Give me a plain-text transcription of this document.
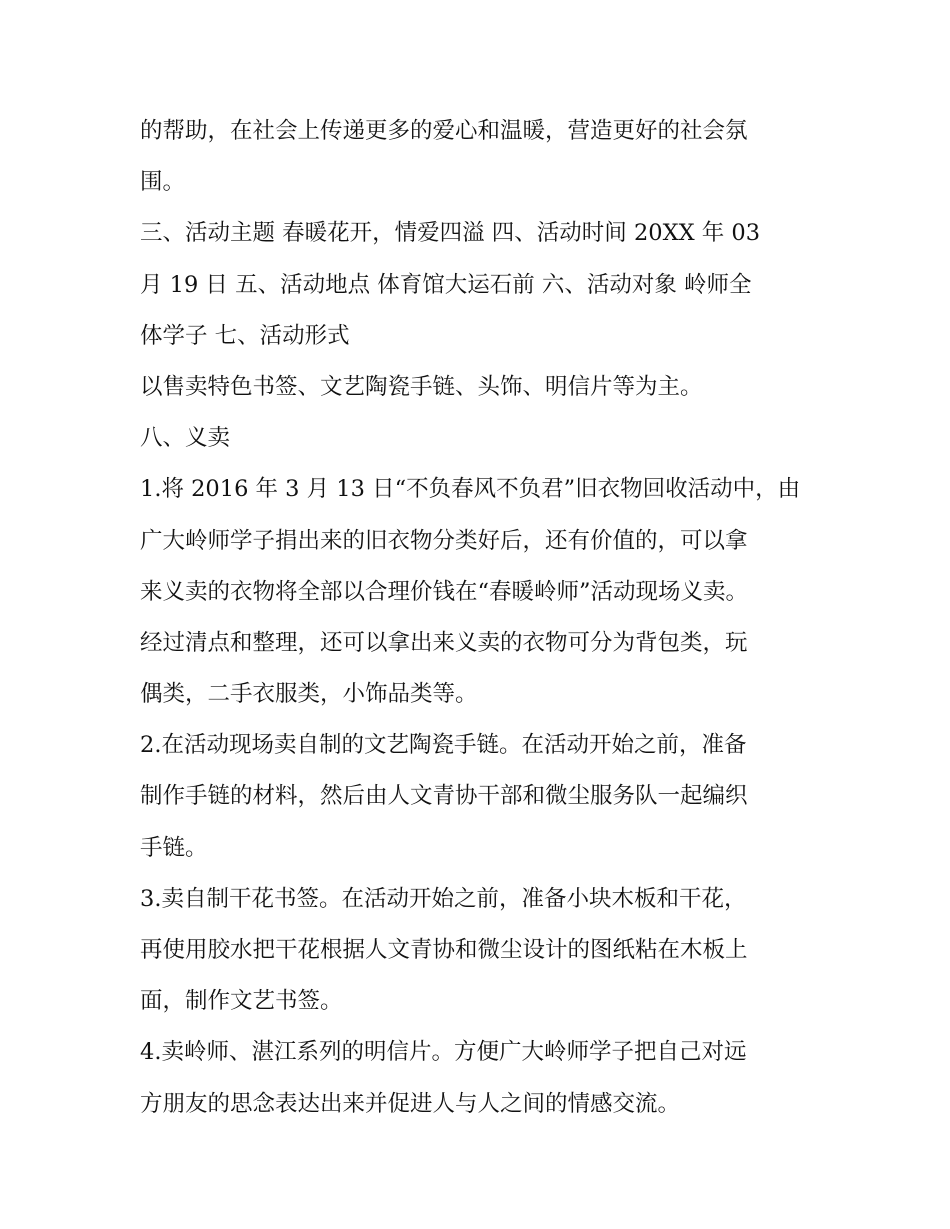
的帮助，在社会上传递更多的爱心和温暖，营造更好的社会氛
围。
三、活动主题 春暖花开，情爱四溢 四、活动时间 20XX 年 03
月 19 日 五、活动地点 体育馆大运石前 六、活动对象 岭师全
体学子 七、活动形式
以售卖特色书签、文艺陶瓷手链、头饰、明信片等为主。
八、义卖
1.将 2016 年 3 月 13 日“不负春风不负君”旧衣物回收活动中，由
广大岭师学子捐出来的旧衣物分类好后，还有价值的，可以拿
来义卖的衣物将全部以合理价钱在“春暖岭师”活动现场义卖。
经过清点和整理，还可以拿出来义卖的衣物可分为背包类，玩
偶类，二手衣服类，小饰品类等。
2.在活动现场卖自制的文艺陶瓷手链。在活动开始之前，准备
制作手链的材料，然后由人文青协干部和微尘服务队一起编织
手链。
3.卖自制干花书签。在活动开始之前，准备小块木板和干花，
再使用胶水把干花根据人文青协和微尘设计的图纸粘在木板上
面，制作文艺书签。
4.卖岭师、湛江系列的明信片。方便广大岭师学子把自己对远
方朋友的思念表达出来并促进人与人之间的情感交流。
